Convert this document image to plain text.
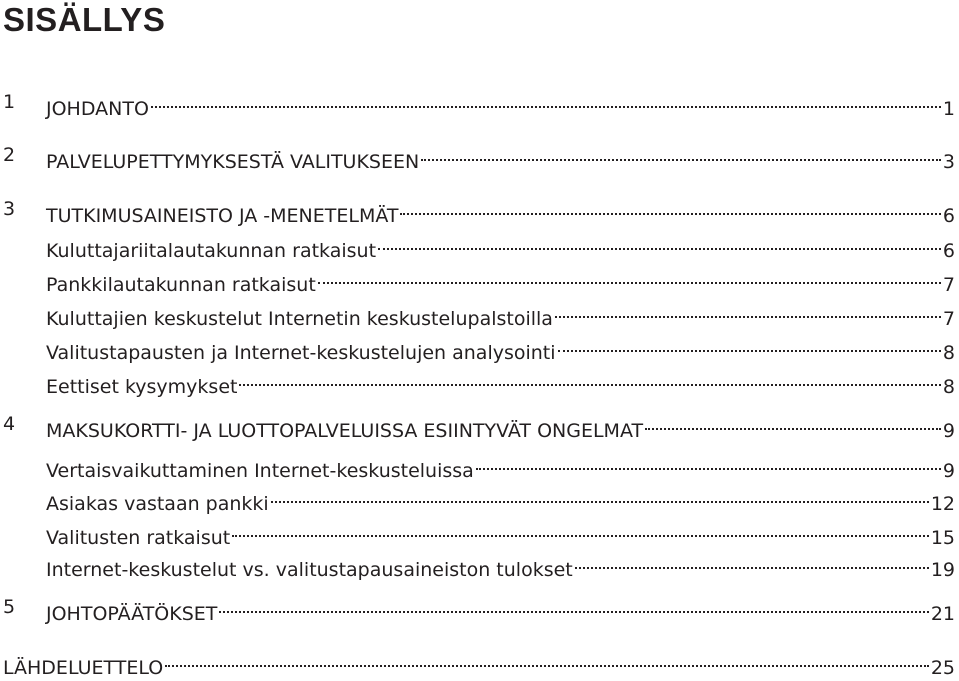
SISÄLLYS
1	JOHDANTO	1
2	PALVELUPETTYMYKSESTÄ VALITUKSEEN	3
3	TUTKIMUSAINEISTO JA -MENETELMÄT	6
Kuluttajariitalautakunnan ratkaisut	6
Pankkilautakunnan ratkaisut	7
Kuluttajien keskustelut Internetin keskustelupalstoilla	7
Valitustapausten ja Internet-keskustelujen analysointi	8
Eettiset kysymykset	8
4	MAKSUKORTTI- JA LUOTTOPALVELUISSA ESIINTYVÄT ONGELMAT	9
Vertaisvaikuttaminen Internet-keskusteluissa	9
Asiakas vastaan pankki	12
Valitusten ratkaisut	15
Internet-keskustelut vs. valitustapausaineiston tulokset	19
5	JOHTOPÄÄTÖKSET	21
LÄHDELUETTELO	25
